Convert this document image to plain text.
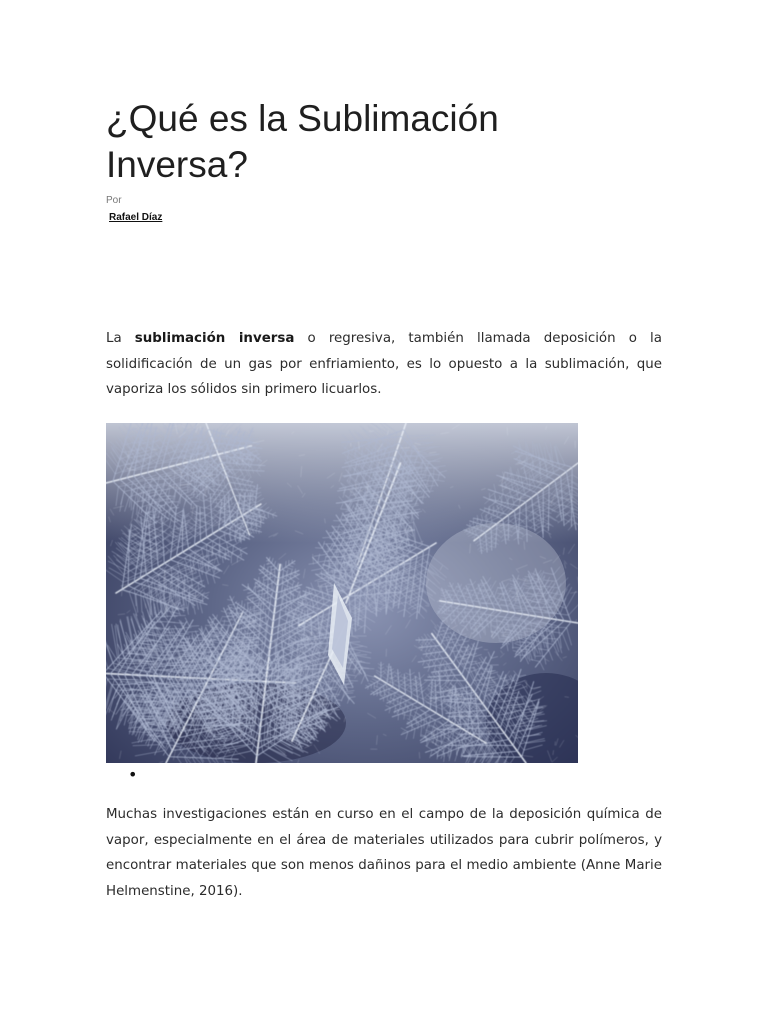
¿Qué es la Sublimación Inversa?
Por
Rafael Díaz

La sublimación inversa o regresiva, también llamada deposición o la solidificación de un gas por enfriamiento, es lo opuesto a la sublimación, que vaporiza los sólidos sin primero licuarlos.

•

Muchas investigaciones están en curso en el campo de la deposición química de vapor, especialmente en el área de materiales utilizados para cubrir polímeros, y encontrar materiales que son menos dañinos para el medio ambiente (Anne Marie Helmenstine, 2016).
